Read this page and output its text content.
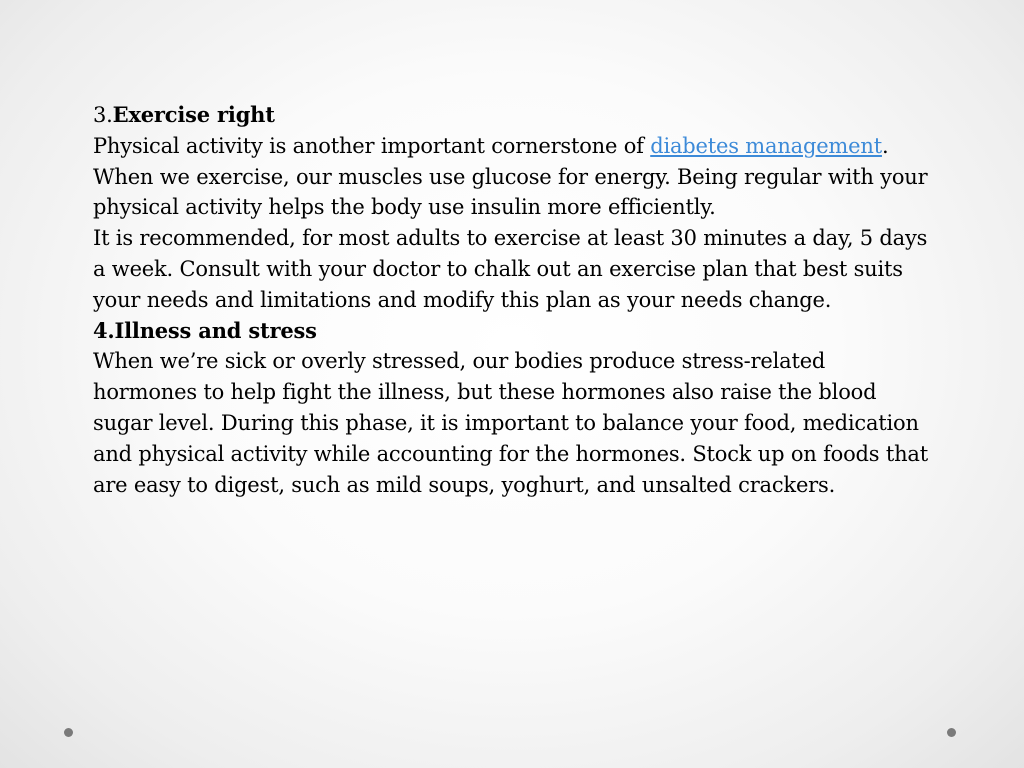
3.Exercise right

Physical activity is another important cornerstone of diabetes management. When we exercise, our muscles use glucose for energy. Being regular with your physical activity helps the body use insulin more efficiently.

It is recommended, for most adults to exercise at least 30 minutes a day, 5 days a week. Consult with your doctor to chalk out an exercise plan that best suits your needs and limitations and modify this plan as your needs change.

4.Illness and stress

When we’re sick or overly stressed, our bodies produce stress-related hormones to help fight the illness, but these hormones also raise the blood sugar level. During this phase, it is important to balance your food, medication and physical activity while accounting for the hormones. Stock up on foods that are easy to digest, such as mild soups, yoghurt, and unsalted crackers.
